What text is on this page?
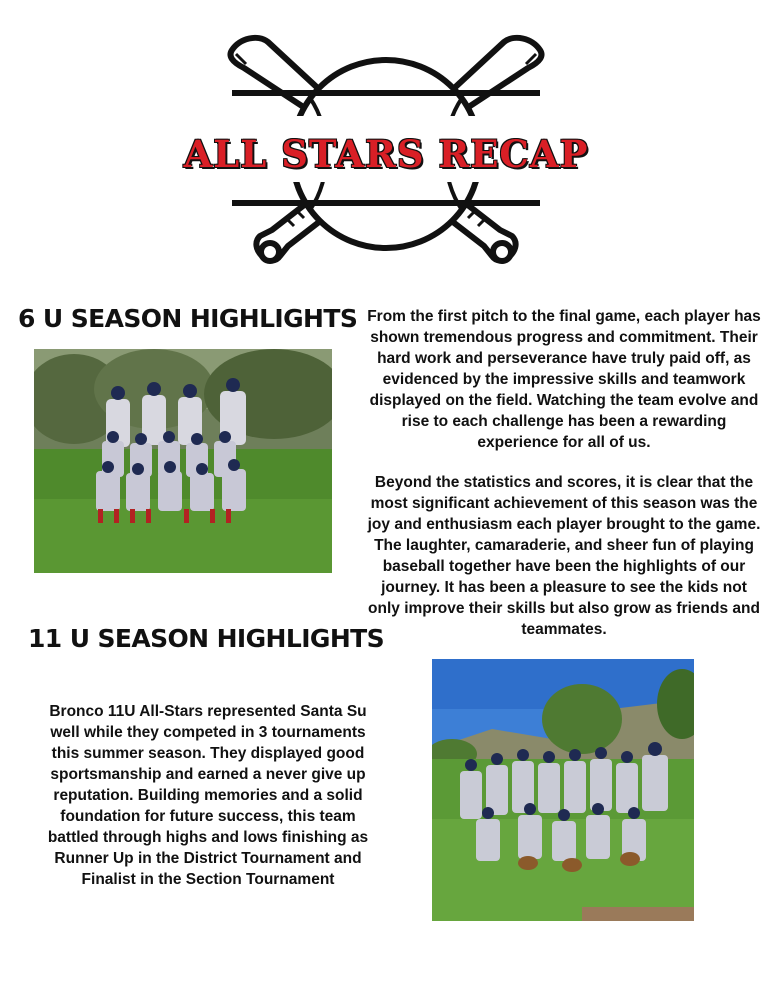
ALL STARS RECAP
6 U SEASON HIGHLIGHTS From the first pitch to the final game, each player has shown tremendous progress and commitment. Their hard work and perseverance have truly paid off, as evidenced by the impressive skills and teamwork displayed on the field. Watching the team evolve and rise to each challenge has been a rewarding experience for all of us.
Beyond the statistics and scores, it is clear that the most significant achievement of this season was the joy and enthusiasm each player brought to the game. The laughter, camaraderie, and sheer fun of playing baseball together have been the highlights of our journey. It has been a pleasure to see the kids not only improve their skills but also grow as friends and teammates.
11 U SEASON HIGHLIGHTS
Bronco 11U All-Stars represented Santa Su well while they competed in 3 tournaments this summer season. They displayed good sportsmanship and earned a never give up reputation. Building memories and a solid foundation for future success, this team battled through highs and lows finishing as Runner Up in the District Tournament and Finalist in the Section Tournament
